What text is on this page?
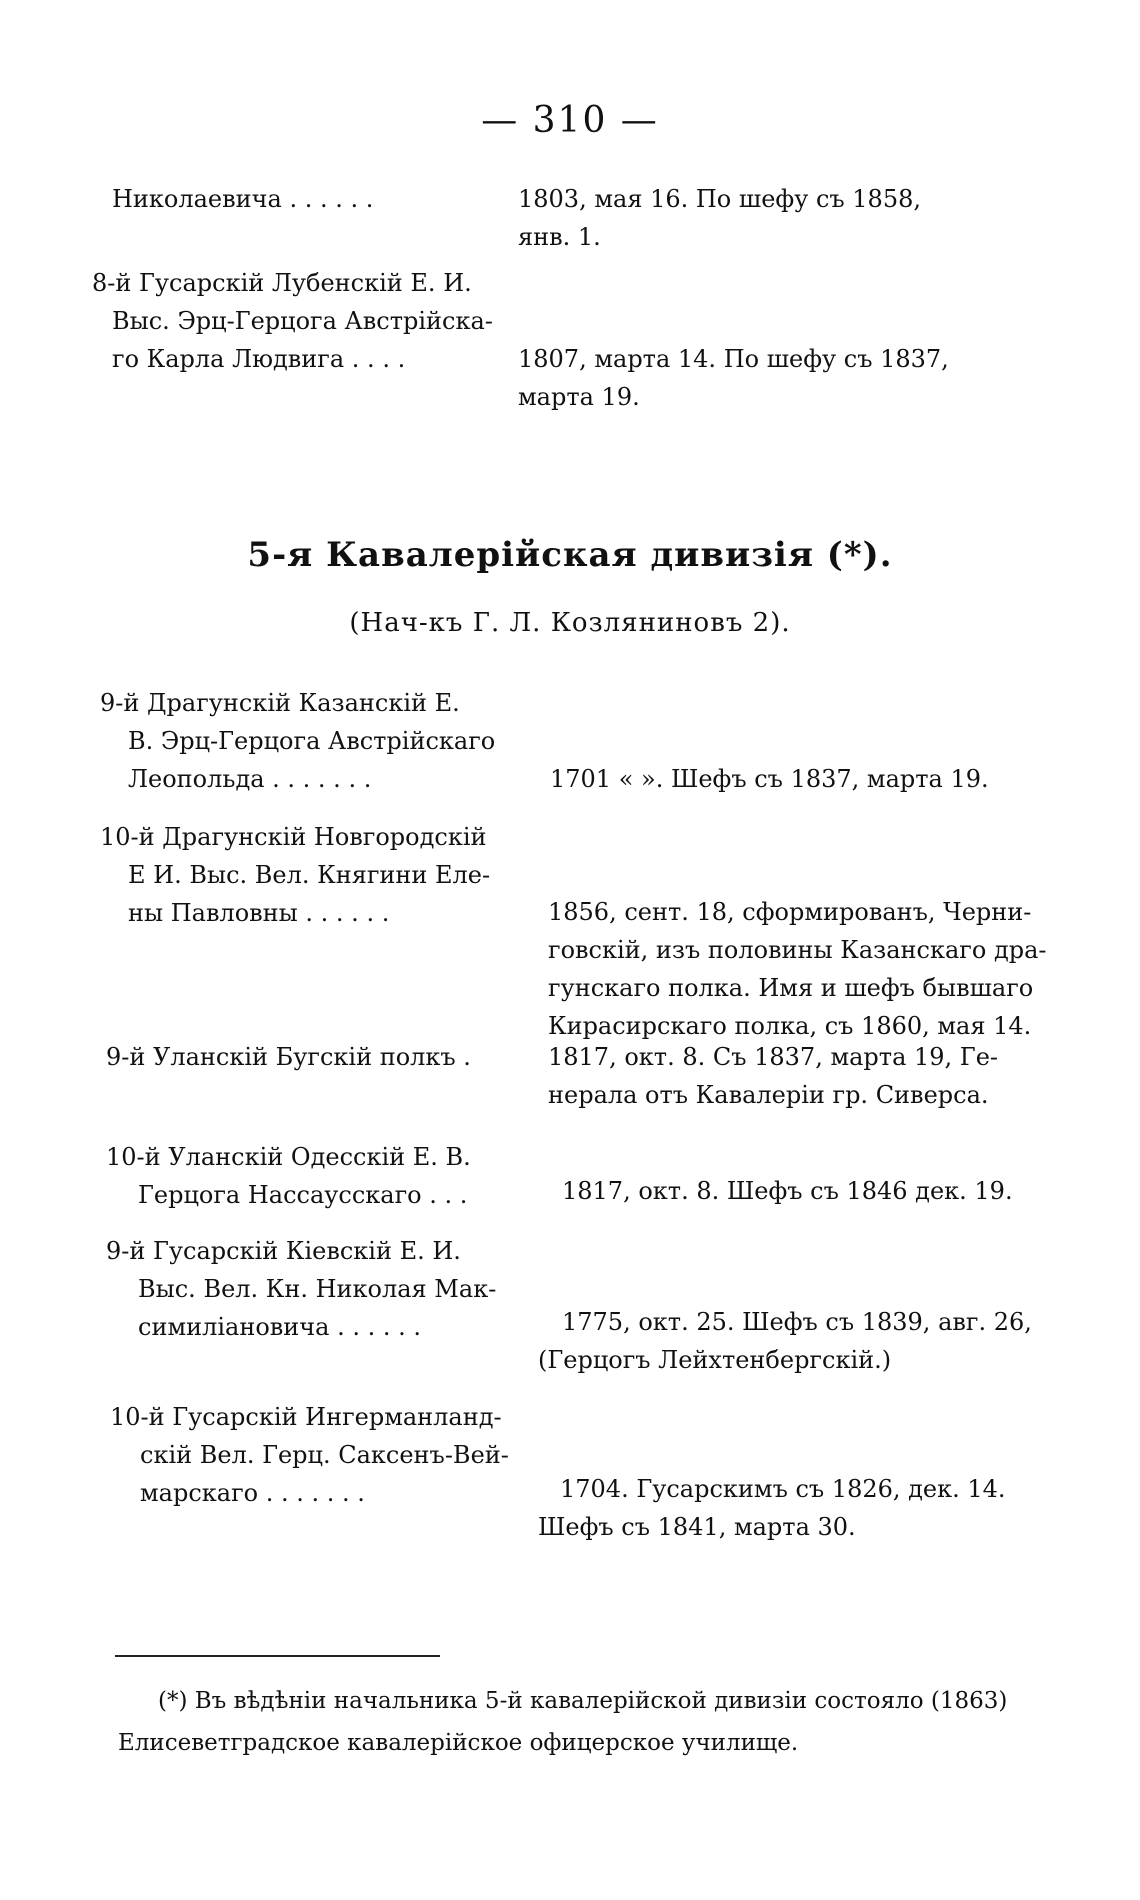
— 310 —
Николаевича . . . . . .	1803, мая 16. По шефу съ 1858,
янв. 1.
8-й Гусарскій Лубенскій Е. И.
Выс. Эрц-Герцога Австрійска-
го Карла Людвига . . . .	1807, марта 14. По шефу съ 1837,
марта 19.
5-я Кавалерійская дивизія (*).
(Нач-къ Г. Л. Козляниновъ 2).
9-й Драгунскій Казанскій Е.
В. Эрц-Герцога Австрійскаго
Леопольда . . . . . . .	1701 « ». Шефъ съ 1837, марта 19.
10-й Драгунскій Новгородскій
Е И. Выс. Вел. Княгини Еле-
ны Павловны . . . . . .	1856, сент. 18, сформированъ, Черни-
говскій, изъ половины Казанскаго дра-
гунскаго полка. Имя и шефъ бывшаго
Кирасирскаго полка, съ 1860, мая 14.
9-й Уланскій Бугскій полкъ .	1817, окт. 8. Съ 1837, марта 19, Ге-
нерала отъ Кавалеріи гр. Сиверса.
10-й Уланскій Одесскій Е. В.
Герцога Нассаусскаго . . .	1817, окт. 8. Шефъ съ 1846 дек. 19.
9-й Гусарскій Кіевскій Е. И.
Выс. Вел. Кн. Николая Мак-
симиліановича . . . . . .	1775, окт. 25. Шефъ съ 1839, авг. 26,
(Герцогъ Лейхтенбергскій.)
10-й Гусарскій Ингерманланд-
скій Вел. Герц. Саксенъ-Вей-
марскаго . . . . . . .	1704. Гусарскимъ съ 1826, дек. 14.
Шефъ съ 1841, марта 30.
(*) Въ вѣдѣніи начальника 5-й кавалерійской дивизіи состояло (1863)
Елисеветградское кавалерійское офицерское училище.
